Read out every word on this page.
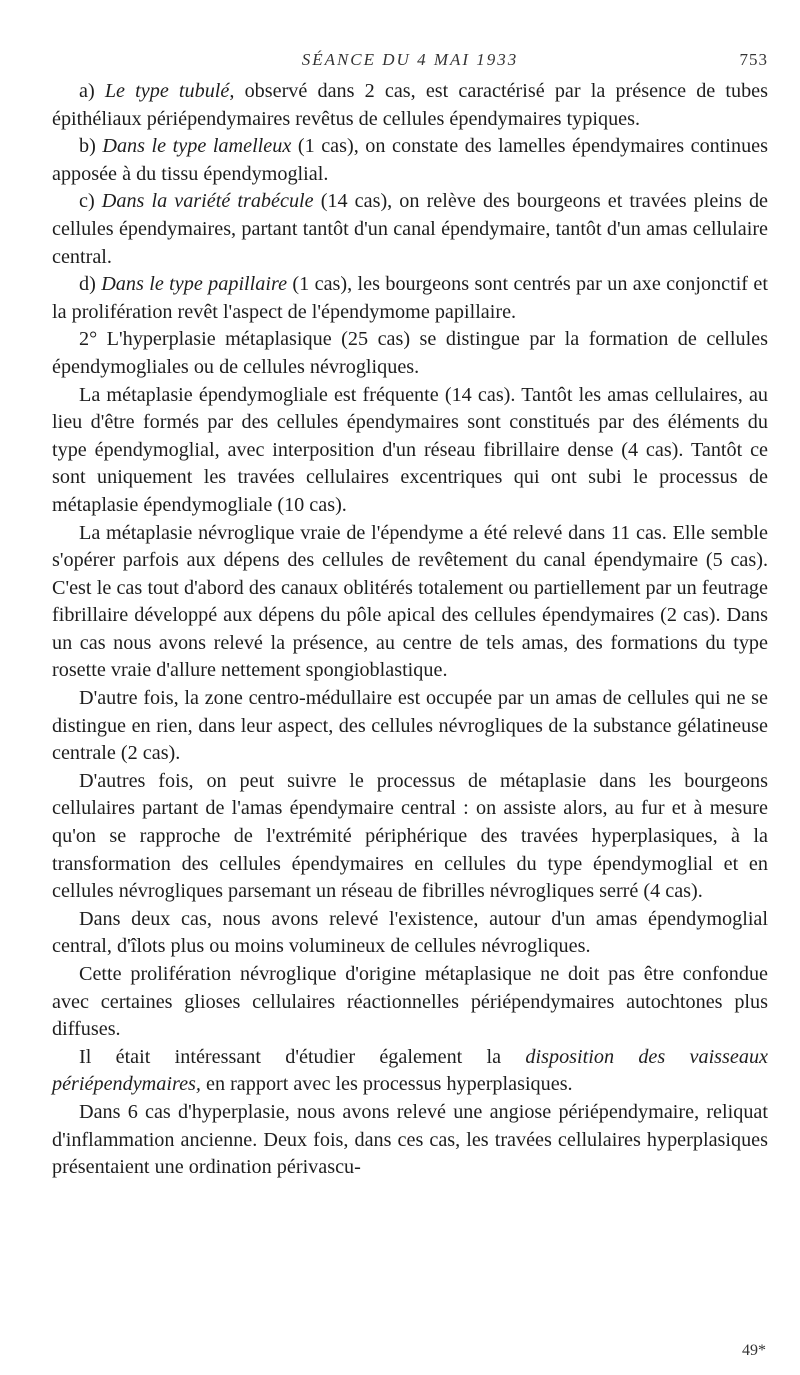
SÉANCE DU 4 MAI 1933	753

a) Le type tubulé, observé dans 2 cas, est caractérisé par la présence de tubes épithéliaux périépendymaires revêtus de cellules épendymaires typiques.

b) Dans le type lamelleux (1 cas), on constate des lamelles épendymaires continues apposée à du tissu épendymoglial.

c) Dans la variété trabécule (14 cas), on relève des bourgeons et travées pleins de cellules épendymaires, partant tantôt d'un canal épendymaire, tantôt d'un amas cellulaire central.

d) Dans le type papillaire (1 cas), les bourgeons sont centrés par un axe conjonctif et la prolifération revêt l'aspect de l'épendymome papillaire.

2° L'hyperplasie métaplasique (25 cas) se distingue par la formation de cellules épendymogliales ou de cellules névrogliques.

La métaplasie épendymogliale est fréquente (14 cas). Tantôt les amas cellulaires, au lieu d'être formés par des cellules épendymaires sont constitués par des éléments du type épendymoglial, avec interposition d'un réseau fibrillaire dense (4 cas). Tantôt ce sont uniquement les travées cellulaires excentriques qui ont subi le processus de métaplasie épendymogliale (10 cas).

La métaplasie névroglique vraie de l'épendyme a été relevé dans 11 cas. Elle semble s'opérer parfois aux dépens des cellules de revêtement du canal épendymaire (5 cas). C'est le cas tout d'abord des canaux oblitérés totalement ou partiellement par un feutrage fibrillaire développé aux dépens du pôle apical des cellules épendymaires (2 cas). Dans un cas nous avons relevé la présence, au centre de tels amas, des formations du type rosette vraie d'allure nettement spongioblastique.

D'autre fois, la zone centro-médullaire est occupée par un amas de cellules qui ne se distingue en rien, dans leur aspect, des cellules névrogliques de la substance gélatineuse centrale (2 cas).

D'autres fois, on peut suivre le processus de métaplasie dans les bourgeons cellulaires partant de l'amas épendymaire central : on assiste alors, au fur et à mesure qu'on se rapproche de l'extrémité périphérique des travées hyperplasiques, à la transformation des cellules épendymaires en cellules du type épendymoglial et en cellules névrogliques parsemant un réseau de fibrilles névrogliques serré (4 cas).

Dans deux cas, nous avons relevé l'existence, autour d'un amas épendymoglial central, d'îlots plus ou moins volumineux de cellules névrogliques.

Cette prolifération névroglique d'origine métaplasique ne doit pas être confondue avec certaines glioses cellulaires réactionnelles périépendymaires autochtones plus diffuses.

Il était intéressant d'étudier également la disposition des vaisseaux périépendymaires, en rapport avec les processus hyperplasiques.

Dans 6 cas d'hyperplasie, nous avons relevé une angiose périépendymaire, reliquat d'inflammation ancienne. Deux fois, dans ces cas, les travées cellulaires hyperplasiques présentaient une ordination périvascu-

49*
